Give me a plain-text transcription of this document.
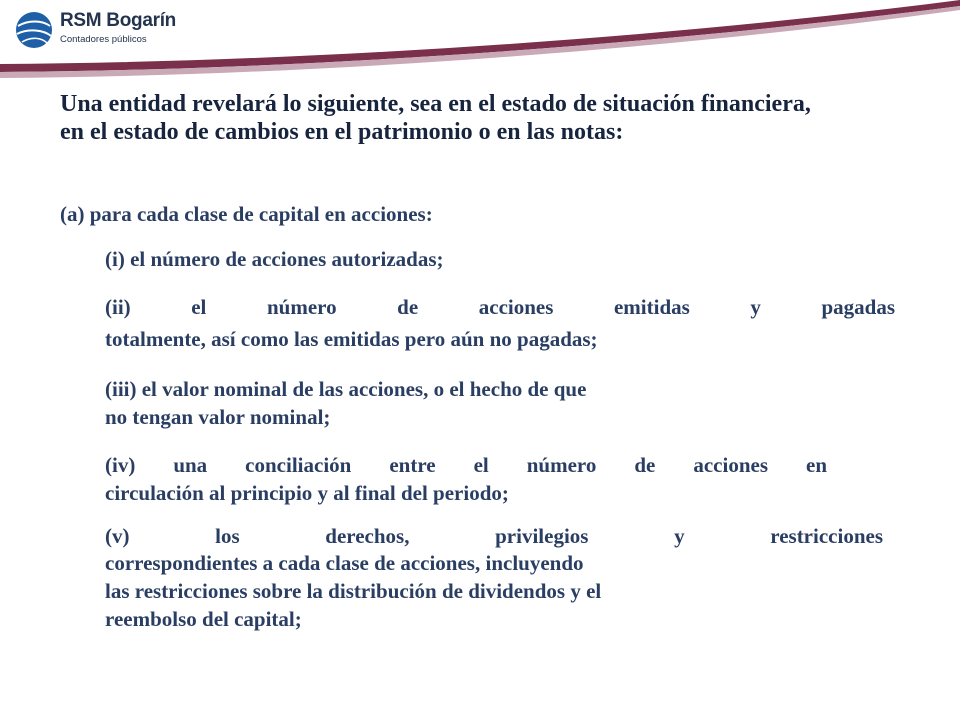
RSM Bogarín
Contadores públicos
Una entidad revelará lo siguiente, sea en el estado de situación financiera, en el estado de cambios en el patrimonio o en las notas:
(a) para cada clase de capital en acciones:
(i) el número de acciones autorizadas;
(ii) el número de acciones emitidas y pagadas
totalmente, así como las emitidas pero aún no pagadas;
(iii) el valor nominal de las acciones, o el hecho de que
no tengan valor nominal;
(iv) una conciliación entre el número de acciones en
circulación al principio y al final del periodo;
(v) los derechos, privilegios y restricciones
correspondientes a cada clase de acciones, incluyendo
las restricciones sobre la distribución de dividendos y el
reembolso del capital;
